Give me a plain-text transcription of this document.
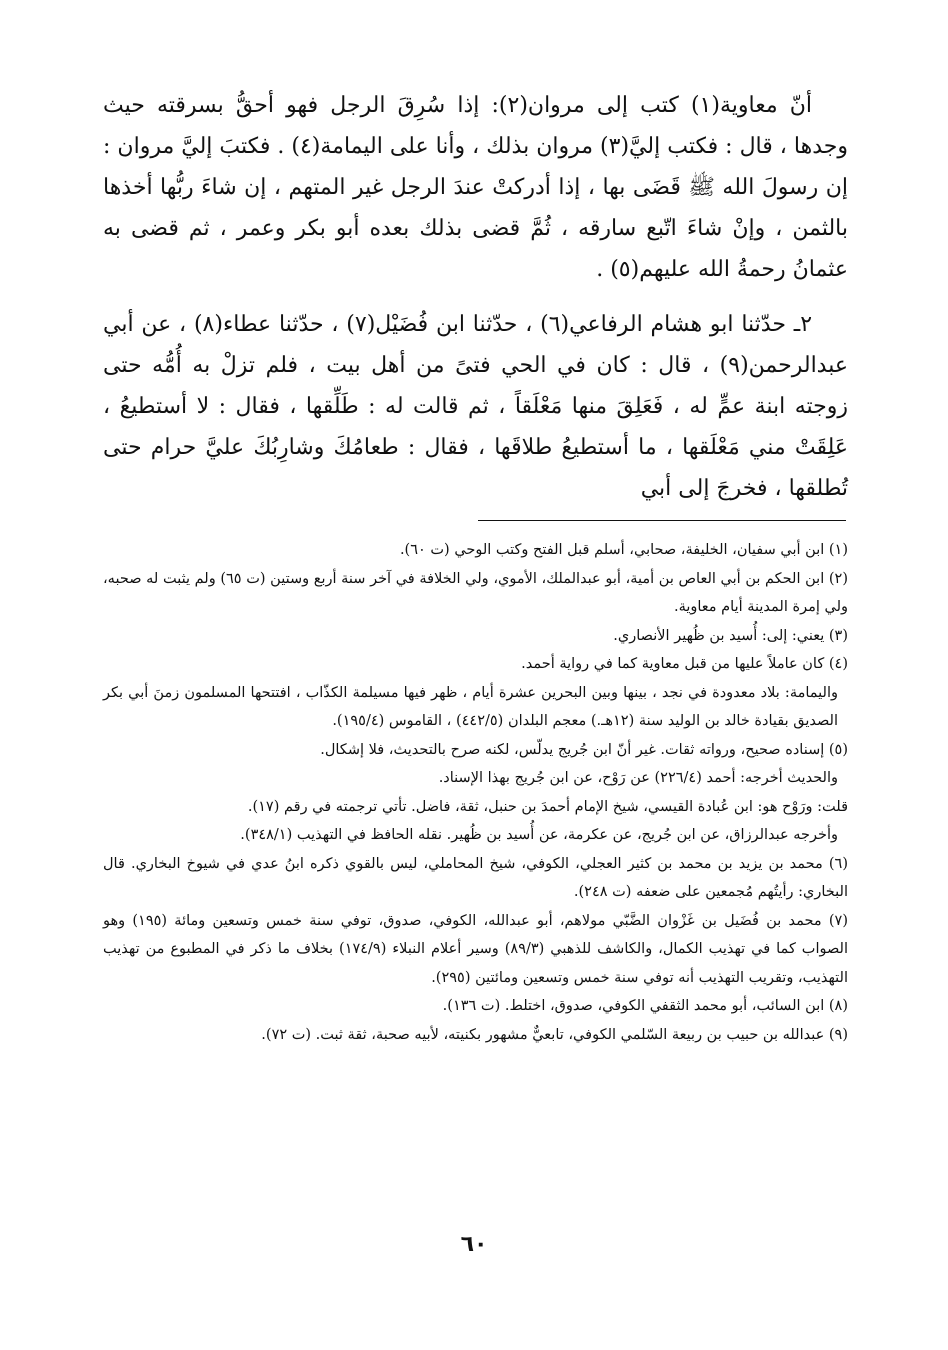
أنّ معاوية(١) كتب إلى مروان(٢): إذا سُرِقَ الرجل فهو أحقُّ بسرقته حيث وجدها ، قال : فكتب إليَّ(٣) مروان بذلك ، وأنا على اليمامة(٤) . فكتبَ إليَّ مروان : إن رسولَ الله ﷺ قَضَى بها ، إذا أدركتْ عندَ الرجل غير المتهم ، إن شاءَ ربُّها أخذها بالثمن ، وإنْ شاءَ اتّبع سارقه ، ثُمَّ قضى بذلك بعده أبو بكر وعمر ، ثم قضى به عثمانُ رحمةُ الله عليهم(٥) .

٢ـ حدّثنا ابو هشام الرفاعي(٦) ، حدّثنا ابن فُضَيْل(٧) ، حدّثنا عطاء(٨) ، عن أبي عبدالرحمن(٩) ، قال : كان في الحي فتىً من أهل بيت ، فلم تزلْ به أُمُّه حتى زوجته ابنة عمٍّ له ، فَعَلِقَ منها مَعْلَقاً ، ثم قالت له : طَلِّقها ، فقال : لا أستطيعُ ، عَلِقَتْ مني مَعْلَقها ، ما أستطيعُ طلاقَها ، فقال : طعامُكَ وشارِبُكَ عليَّ حرام حتى تُطلقها ، فخرجَ إلى أبي

(١) ابن أبي سفيان، الخليفة، صحابي، أسلم قبل الفتح وكتب الوحي (ت ٦٠).

(٢) ابن الحكم بن أبي العاص بن أمية، أبو عبدالملك، الأموي، ولي الخلافة في آخر سنة أربع وستين (ت ٦٥) ولم يثبت له صحبه، ولي إمرة المدينة أيام معاوية.

(٣) يعني: إلى: أُسيد بن ظُهير الأنصاري.

(٤) كان عاملاً عليها من قبل معاوية كما في رواية أحمد.

واليمامة: بلاد معدودة في نجد ، بينها وبين البحرين عشرة أيام ، ظهر فيها مسيلمة الكذّاب ، افتتحها المسلمون زمنَ أبي بكر الصديق بقيادة خالد بن الوليد سنة (١٢هـ.) معجم البلدان (٤٤٢/٥) ، القاموس (١٩٥/٤).

(٥) إسناده صحيح، ورواته ثقات. غير أنّ ابن جُريج يدلّس، لكنه صرح بالتحديث، فلا إشكال.

والحديث أخرجه: أحمد (٢٢٦/٤) عن رَوْح، عن ابن جُريج بهذا الإسناد.

قلت: ورَوْح هو: ابن عُبادة القيسي، شيخ الإمام أحمدَ بن حنبل، ثقة، فاضل. تأتي ترجمته في رقم (١٧).

وأخرجه عبدالرزاق، عن ابن جُريج، عن عكرمة، عن أُسيد بن ظُهير. نقله الحافظ في التهذيب (٣٤٨/١).

(٦) محمد بن يزيد بن محمد بن كثير العجلي، الكوفي، شيخ المحاملي، ليس بالقوي ذكره ابنُ عدي في شيوخ البخاري. قال البخاري: رأيتُهم مُجمعين على ضعفه (ت ٢٤٨).

(٧) محمد بن فُضَيل بن غَزْوان الضَّبّي مولاهم، أبو عبدالله، الكوفي، صدوق، توفي سنة خمس وتسعين ومائة (١٩٥) وهو الصواب كما في تهذيب الكمال، والكاشف للذهبي (٨٩/٣) وسير أعلام النبلاء (١٧٤/٩) بخلاف ما ذكر في المطبوع من تهذيب التهذيب، وتقريب التهذيب أنه توفي سنة خمس وتسعين ومائتين (٢٩٥).

(٨) ابن السائب، أبو محمد الثقفي الكوفي، صدوق، اختلط. (ت ١٣٦).

(٩) عبدالله بن حبيب بن ربيعة السّلمي الكوفي، تابعيٌّ مشهور بكنيته، لأبيه صحبة، ثقة ثبت. (ت ٧٢).

٦٠
